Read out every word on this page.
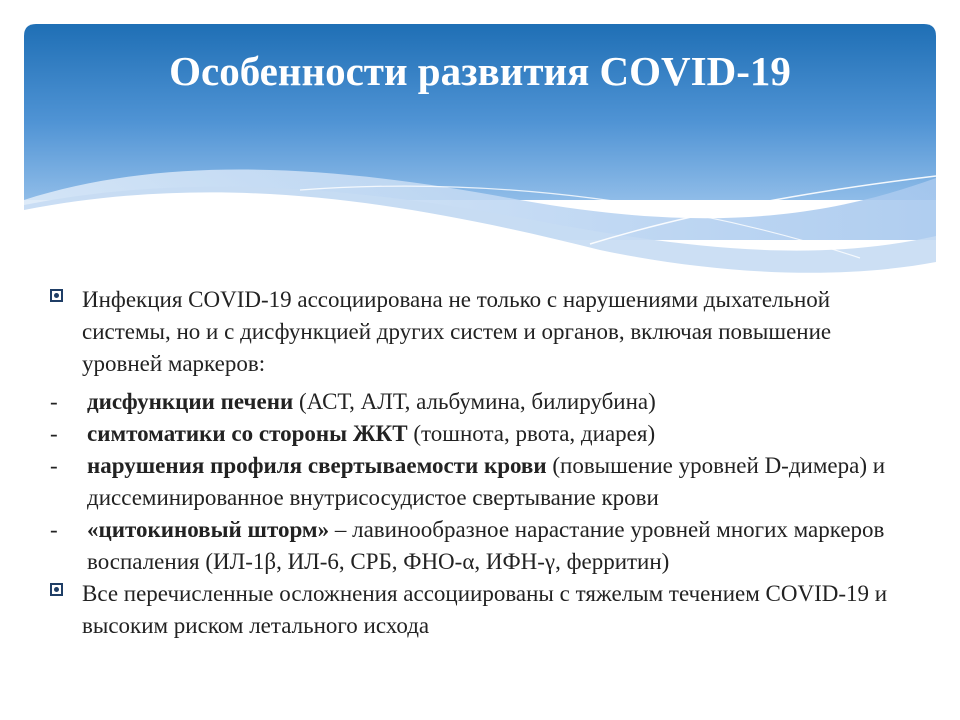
Особенности развития COVID-19

Инфекция COVID-19 ассоциирована не только с нарушениями дыхательной системы, но и с дисфункцией других систем и органов, включая повышение уровней маркеров:

- дисфункции печени (АСТ, АЛТ, альбумина, билирубина)

- симтоматики со стороны ЖКТ (тошнота, рвота, диарея)

- нарушения профиля свертываемости крови (повышение уровней D-димера) и диссеминированное внутрисосудистое свертывание крови

- «цитокиновый шторм» – лавинообразное нарастание уровней многих маркеров воспаления (ИЛ-1β, ИЛ-6, СРБ, ФНО-α, ИФН-γ, ферритин)

Все перечисленные осложнения ассоциированы с тяжелым течением COVID-19 и высоким риском летального исхода
